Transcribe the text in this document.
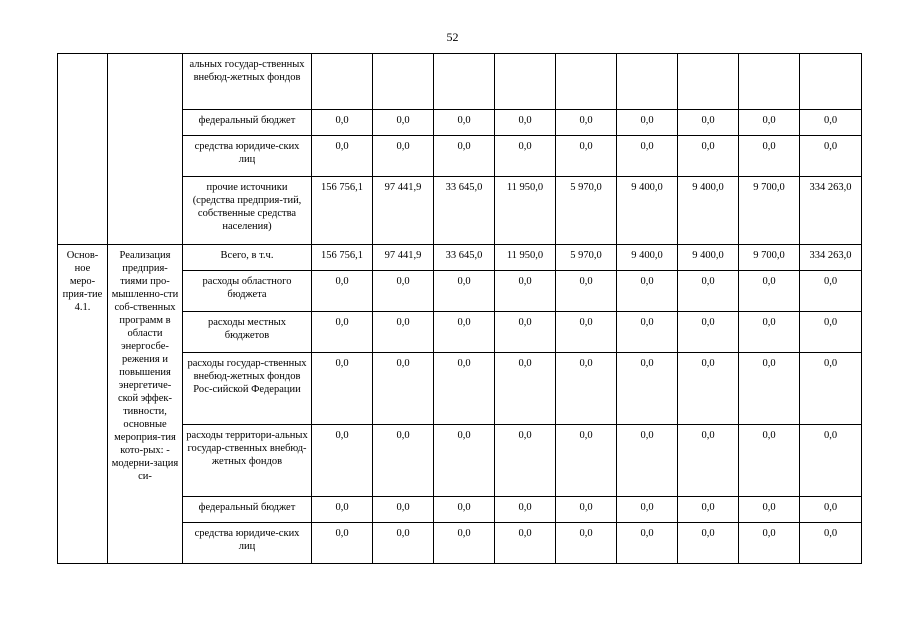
52
		альных государ-ственных внебюд-жетных фондов									
		федеральный бюджет	0,0	0,0	0,0	0,0	0,0	0,0	0,0	0,0	0,0
		средства юридиче-ских лиц	0,0	0,0	0,0	0,0	0,0	0,0	0,0	0,0	0,0
		прочие источники (средства предприя-тий, собственные средства населения)	156 756,1	97 441,9	33 645,0	11 950,0	5 970,0	9 400,0	9 400,0	9 700,0	334 263,0
Основ-ное меро-прия-тие 4.1.	Реализация предприя-тиями про-мышленно-сти соб-ственных программ в области энергосбе-режения и повышения энергетиче-ской эффек-тивности, основные мероприя-тия кото-рых: - модерни-зация си-	Всего, в т.ч.	156 756,1	97 441,9	33 645,0	11 950,0	5 970,0	9 400,0	9 400,0	9 700,0	334 263,0
		расходы областного бюджета	0,0	0,0	0,0	0,0	0,0	0,0	0,0	0,0	0,0
		расходы местных бюджетов	0,0	0,0	0,0	0,0	0,0	0,0	0,0	0,0	0,0
		расходы государ-ственных внебюд-жетных фондов Рос-сийской Федерации	0,0	0,0	0,0	0,0	0,0	0,0	0,0	0,0	0,0
		расходы территори-альных государ-ственных внебюд-жетных фондов	0,0	0,0	0,0	0,0	0,0	0,0	0,0	0,0	0,0
		федеральный бюджет	0,0	0,0	0,0	0,0	0,0	0,0	0,0	0,0	0,0
		средства юридиче-ских лиц	0,0	0,0	0,0	0,0	0,0	0,0	0,0	0,0	0,0
